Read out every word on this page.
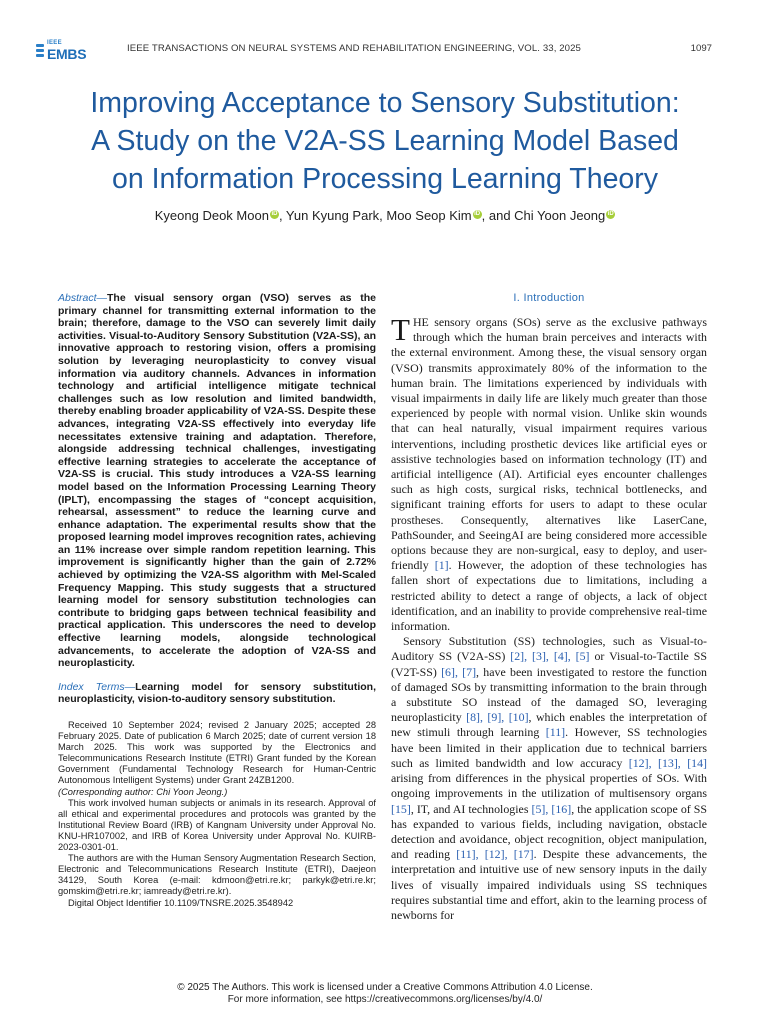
IEEE
EMBS	IEEE TRANSACTIONS ON NEURAL SYSTEMS AND REHABILITATION ENGINEERING, VOL. 33, 2025	1097
Improving Acceptance to Sensory Substitution:
A Study on the V2A-SS Learning Model Based
on Information Processing Learning Theory
Kyeong Deok Moon iD , Yun Kyung Park, Moo Seop Kim iD , and Chi Yoon Jeong iD

Abstract—The visual sensory organ (VSO) serves as the primary channel for transmitting external information to the brain; therefore, damage to the VSO can severely limit daily activities. Visual-to-Auditory Sensory Substitution (V2A-SS), an innovative approach to restoring vision, offers a promising solution by leveraging neuroplasticity to convey visual information via auditory channels. Advances in information technology and artificial intelligence mitigate technical challenges such as low resolution and limited bandwidth, thereby enabling broader applicability of V2A-SS. Despite these advances, integrating V2A-SS effectively into everyday life necessitates extensive training and adaptation. Therefore, alongside addressing technical challenges, investigating effective learning strategies to accelerate the acceptance of V2A-SS is crucial. This study introduces a V2A-SS learning model based on the Information Processing Learning Theory (IPLT), encompassing the stages of “concept acquisition, rehearsal, assessment” to reduce the learning curve and enhance adaptation. The experimental results show that the proposed learning model improves recognition rates, achieving an 11% increase over simple random repetition learning. This improvement is significantly higher than the gain of 2.72% achieved by optimizing the V2A-SS algorithm with Mel-Scaled Frequency Mapping. This study suggests that a structured learning model for sensory substitution technologies can contribute to bridging gaps between technical feasibility and practical application. This underscores the need to develop effective learning models, alongside technological advancements, to accelerate the adoption of V2A-SS and neuroplasticity.

Index Terms—Learning model for sensory substitution, neuroplasticity, vision-to-auditory sensory substitution.

Received 10 September 2024; revised 2 January 2025; accepted 28 February 2025. Date of publication 6 March 2025; date of current version 18 March 2025. This work was supported by the Electronics and Telecommunications Research Institute (ETRI) Grant funded by the Korean Government (Fundamental Technology Research for Human-Centric Autonomous Intelligent Systems) under Grant 24ZB1200.

(Corresponding author: Chi Yoon Jeong.)

This work involved human subjects or animals in its research. Approval of all ethical and experimental procedures and protocols was granted by the Institutional Review Board (IRB) of Kangnam University under Approval No. KNU-HR107002, and IRB of Korea University under Approval No. KUIRB-2023-0301-01.

The authors are with the Human Sensory Augmentation Research Section, Electronic and Telecommunications Research Institute (ETRI), Daejeon 34129, South Korea (e-mail: kdmoon@etri.re.kr; parkyk@etri.re.kr; gomskim@etri.re.kr; iamready@etri.re.kr).

Digital Object Identifier 10.1109/TNSRE.2025.3548942

I. Introduction

THE sensory organs (SOs) serve as the exclusive pathways through which the human brain perceives and interacts with the external environment. Among these, the visual sensory organ (VSO) transmits approximately 80% of the information to the human brain. The limitations experienced by individuals with visual impairments in daily life are likely much greater than those experienced by people with normal vision. Unlike skin wounds that can heal naturally, visual impairment requires various interventions, including prosthetic devices like artificial eyes or assistive technologies based on information technology (IT) and artificial intelligence (AI). Artificial eyes encounter challenges such as high costs, surgical risks, technical bottlenecks, and significant training efforts for users to adapt to these ocular prostheses. Consequently, alternatives like LaserCane, PathSounder, and SeeingAI are being considered more accessible options because they are non-surgical, easy to deploy, and user-friendly [1]. However, the adoption of these technologies has fallen short of expectations due to limitations, including a restricted ability to detect a range of objects, a lack of object identification, and an inability to provide comprehensive real-time information.

Sensory Substitution (SS) technologies, such as Visual-to-Auditory SS (V2A-SS) [2], [3], [4], [5] or Visual-to-Tactile SS (V2T-SS) [6], [7], have been investigated to restore the function of damaged SOs by transmitting information to the brain through a substitute SO instead of the damaged SO, leveraging neuroplasticity [8], [9], [10], which enables the interpretation of new stimuli through learning [11]. However, SS technologies have been limited in their application due to technical barriers such as limited bandwidth and low accuracy [12], [13], [14] arising from differences in the physical properties of SOs. With ongoing improvements in the utilization of multisensory organs [15], IT, and AI technologies [5], [16], the application scope of SS has expanded to various fields, including navigation, obstacle detection and avoidance, object recognition, object manipulation, and reading [11], [12], [17]. Despite these advancements, the interpretation and intuitive use of new sensory inputs in the daily lives of visually impaired individuals using SS techniques requires substantial time and effort, akin to the learning process of newborns for

© 2025 The Authors. This work is licensed under a Creative Commons Attribution 4.0 License.
For more information, see https://creativecommons.org/licenses/by/4.0/
